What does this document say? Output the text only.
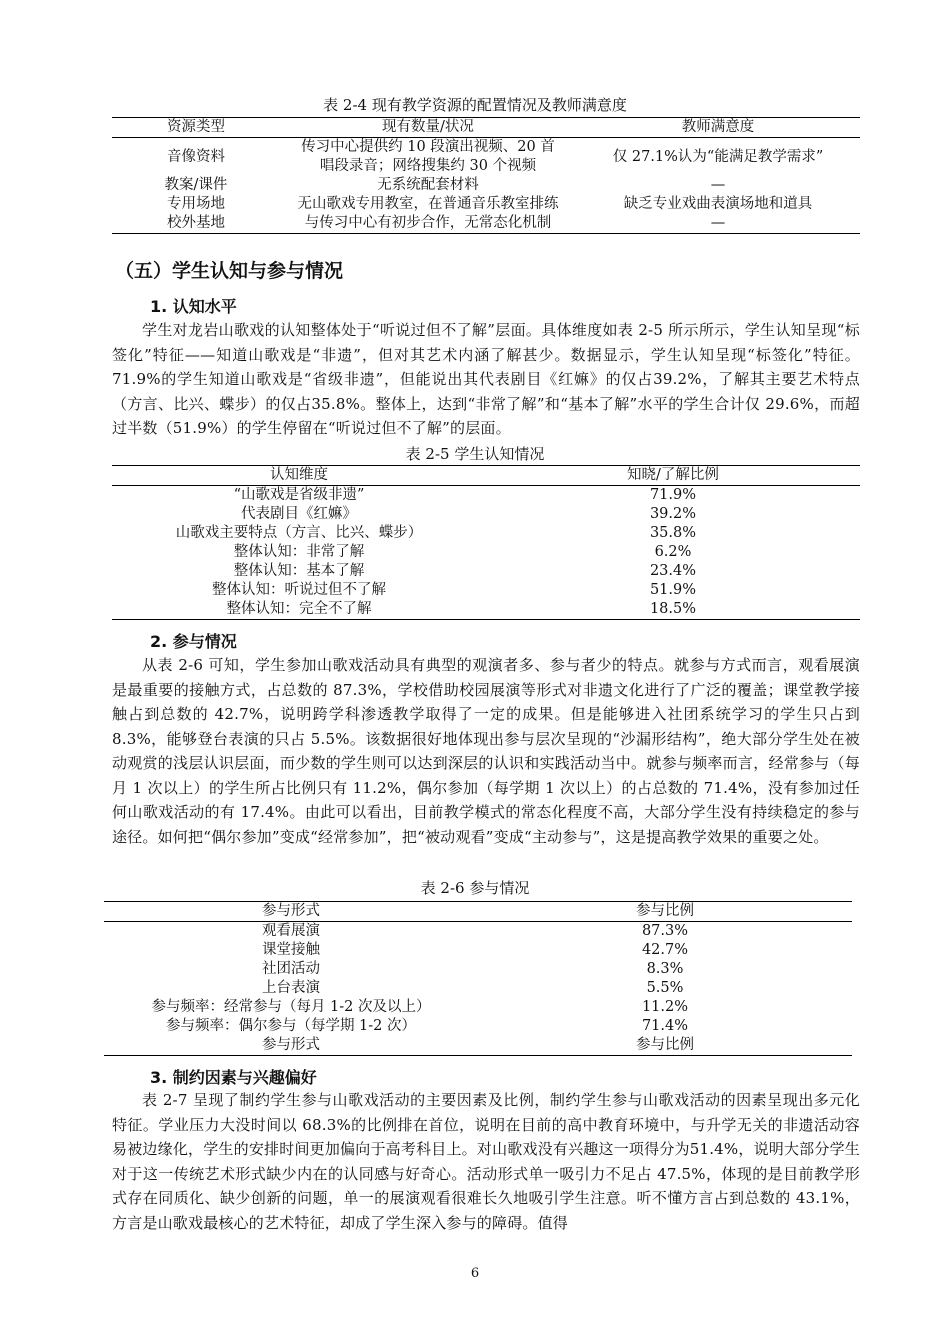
表 2-4 现有教学资源的配置情况及教师满意度
资源类型	现有数量/状况	教师满意度
音像资料	传习中心提供约 10 段演出视频、20 首唱段录音；网络搜集约 30 个视频	仅 27.1%认为“能满足教学需求”
教案/课件	无系统配套材料	—
专用场地	无山歌戏专用教室，在普通音乐教室排练	缺乏专业戏曲表演场地和道具
校外基地	与传习中心有初步合作，无常态化机制	—
（五）学生认知与参与情况
1. 认知水平

学生对龙岩山歌戏的认知整体处于“听说过但不了解”层面。具体维度如表 2-5 所示所示，学生认知呈现“标签化”特征——知道山歌戏是“非遗”，但对其艺术内涵了解甚少。数据显示，学生认知呈现“标签化”特征。71.9%的学生知道山歌戏是“省级非遗”，但能说出其代表剧目《红嫲》的仅占39.2%，了解其主要艺术特点（方言、比兴、蝶步）的仅占35.8%。整体上，达到“非常了解”和“基本了解”水平的学生合计仅 29.6%，而超过半数（51.9%）的学生停留在“听说过但不了解”的层面。

表 2-5 学生认知情况
认知维度	知晓/了解比例
“山歌戏是省级非遗”	71.9%
代表剧目《红嫲》	39.2%
山歌戏主要特点（方言、比兴、蝶步）	35.8%
整体认知：非常了解	6.2%
整体认知：基本了解	23.4%
整体认知：听说过但不了解	51.9%
整体认知：完全不了解	18.5%
2. 参与情况

从表 2-6 可知，学生参加山歌戏活动具有典型的观演者多、参与者少的特点。就参与方式而言，观看展演是最重要的接触方式，占总数的 87.3%，学校借助校园展演等形式对非遗文化进行了广泛的覆盖；课堂教学接触占到总数的 42.7%，说明跨学科渗透教学取得了一定的成果。但是能够进入社团系统学习的学生只占到 8.3%，能够登台表演的只占 5.5%。该数据很好地体现出参与层次呈现的“沙漏形结构”，绝大部分学生处在被动观赏的浅层认识层面，而少数的学生则可以达到深层的认识和实践活动当中。就参与频率而言，经常参与（每月 1 次以上）的学生所占比例只有 11.2%，偶尔参加（每学期 1 次以上）的占总数的 71.4%，没有参加过任何山歌戏活动的有 17.4%。由此可以看出，目前教学模式的常态化程度不高，大部分学生没有持续稳定的参与途径。如何把“偶尔参加”变成“经常参加”，把“被动观看”变成“主动参与”，这是提高教学效果的重要之处。

表 2-6 参与情况
参与形式	参与比例
观看展演	87.3%
课堂接触	42.7%
社团活动	8.3%
上台表演	5.5%
参与频率：经常参与（每月 1-2 次及以上）	11.2%
参与频率：偶尔参与（每学期 1-2 次）	71.4%
参与形式	参与比例
3. 制约因素与兴趣偏好

表 2-7 呈现了制约学生参与山歌戏活动的主要因素及比例，制约学生参与山歌戏活动的因素呈现出多元化特征。学业压力大没时间以 68.3%的比例排在首位，说明在目前的高中教育环境中，与升学无关的非遗活动容易被边缘化，学生的安排时间更加偏向于高考科目上。对山歌戏没有兴趣这一项得分为51.4%，说明大部分学生对于这一传统艺术形式缺少内在的认同感与好奇心。活动形式单一吸引力不足占 47.5%，体现的是目前教学形式存在同质化、缺少创新的问题，单一的展演观看很难长久地吸引学生注意。听不懂方言占到总数的 43.1%，方言是山歌戏最核心的艺术特征，却成了学生深入参与的障碍。值得

6
